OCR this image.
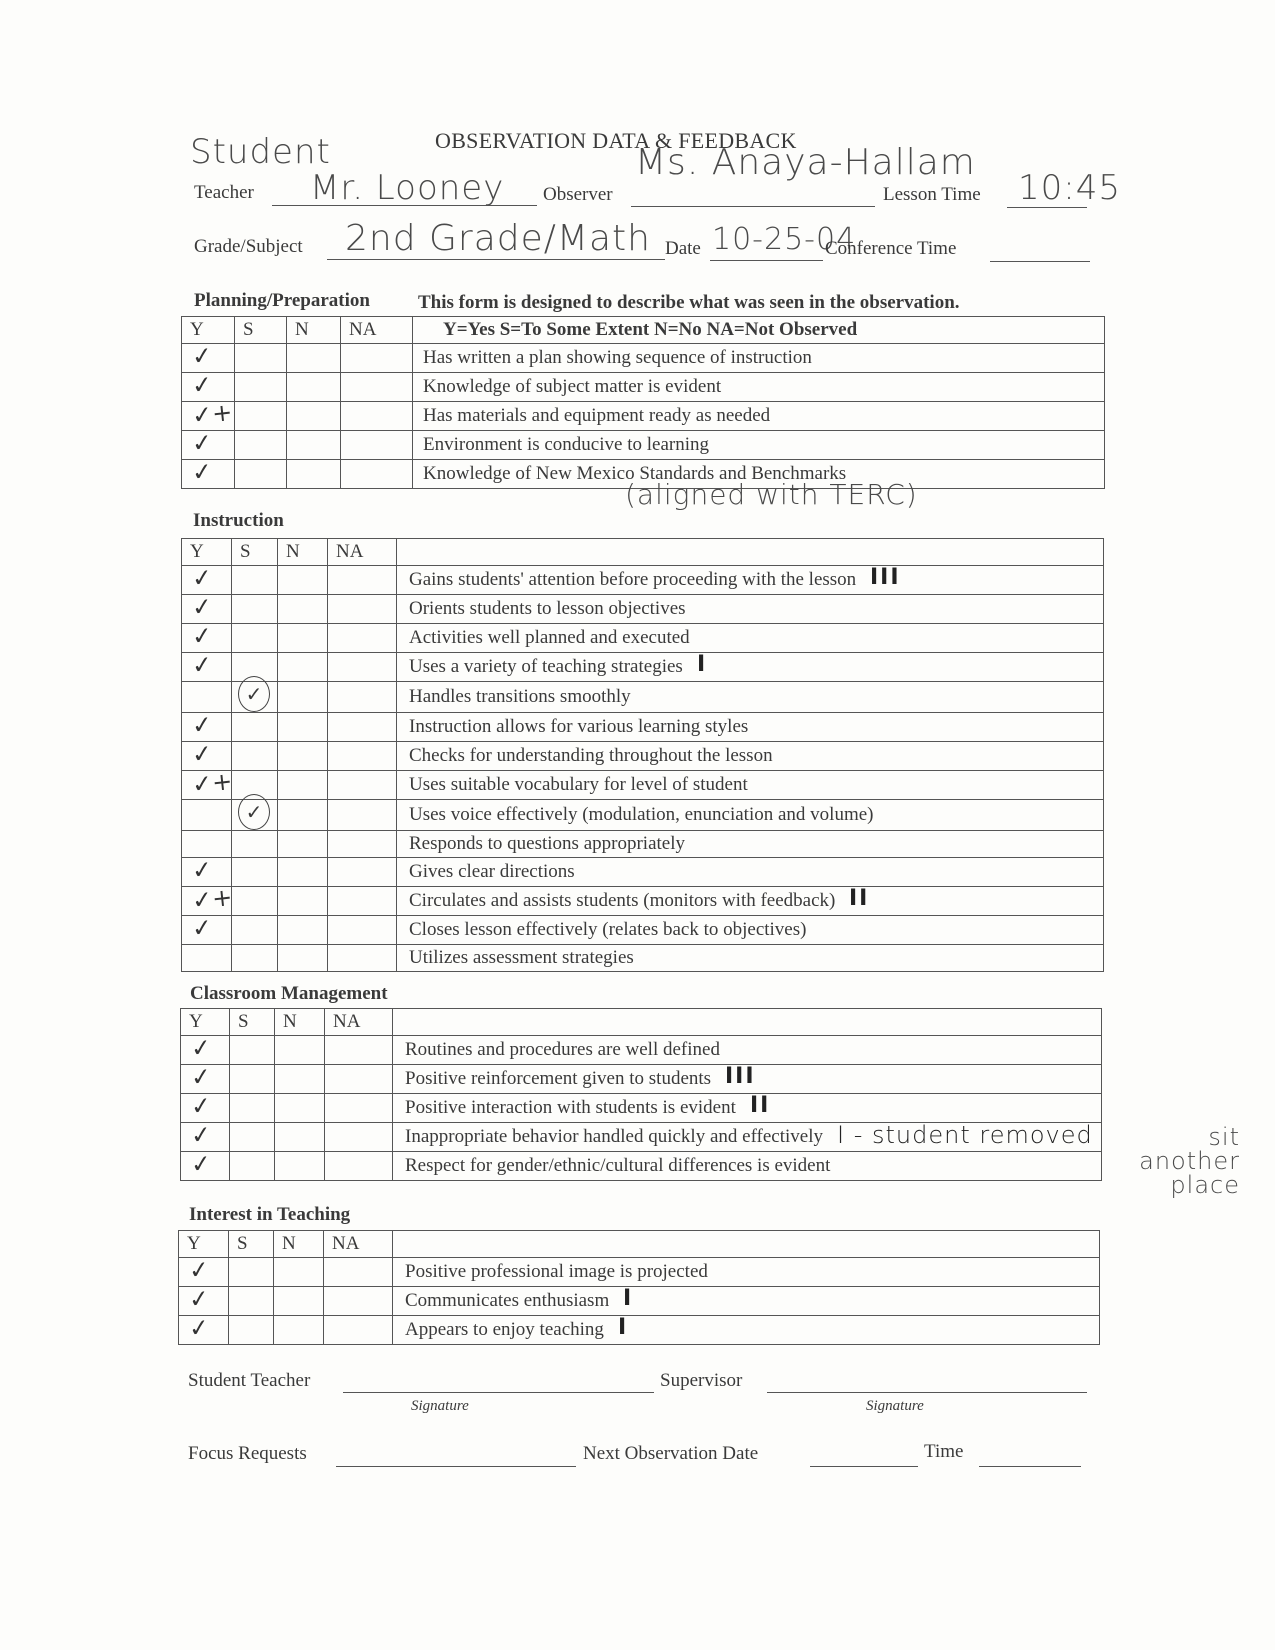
OBSERVATION DATA & FEEDBACK
Student
Teacher Mr. Looney Observer
Ms. Anaya-Hallam
Lesson Time 10:45
Grade/Subject 2nd Grade/Math Date 10-25-04
Conference Time
Planning/Preparation	This form is designed to describe what was seen in the observation.
Y	S	N	NA	Y=Yes S=To Some Extent N=No NA=Not Observed
✓				Has written a plan showing sequence of instruction
✓				Knowledge of subject matter is evident
✓+				Has materials and equipment ready as needed
✓				Environment is conducive to learning
✓				Knowledge of New Mexico Standards and Benchmarks
(aligned with TERC)
Instruction
Y	S	N	NA	
✓				Gains students' attention before proceeding with the lesson III

✓				Orients students to lesson objectives
✓				Activities well planned and executed
✓				Uses a variety of teaching strategies I

	✓			Handles transitions smoothly
✓				Instruction allows for various learning styles
✓				Checks for understanding throughout the lesson
✓+				Uses suitable vocabulary for level of student
	✓			Uses voice effectively (modulation, enunciation and volume)
				Responds to questions appropriately
✓				Gives clear directions
✓+				Circulates and assists students (monitors with feedback) II

✓				Closes lesson effectively (relates back to objectives)
				Utilizes assessment strategies
Classroom Management
Y	S	N	NA	
✓				Routines and procedures are well defined
✓				Positive reinforcement given to students III

✓				Positive interaction with students is evident II

✓				Inappropriate behavior handled quickly and effectively I - student removed

✓				Respect for gender/ethnic/cultural differences is evident
sit another
place
Interest in Teaching
Y	S	N	NA	
✓				Positive professional image is projected
✓				Communicates enthusiasm I

✓				Appears to enjoy teaching I
Student Teacher
Signature
Supervisor
Signature
Focus Requests	Next Observation Date	Time
